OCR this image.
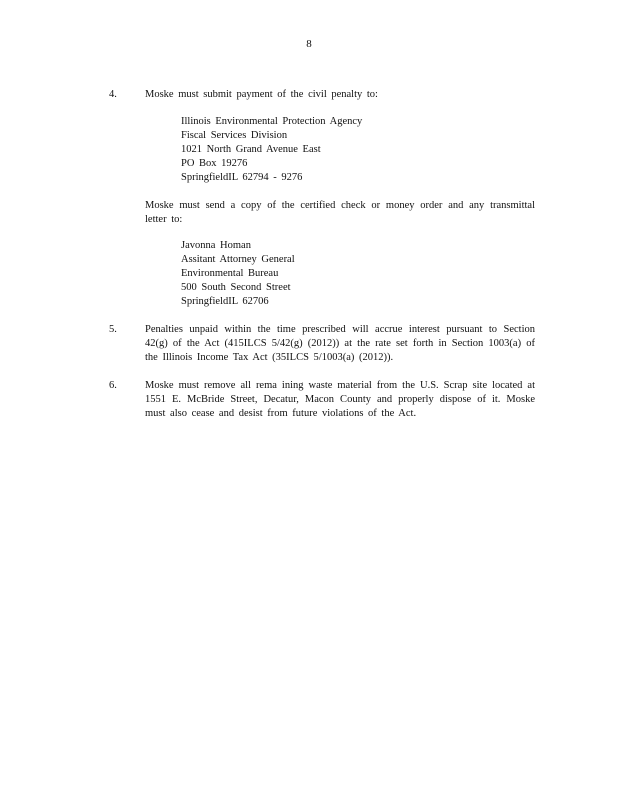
8
4.	Moske must submit payment of the civil penalty to:
Illinois Environmental Protection Agency
Fiscal Services Division
1021 North Grand Avenue East
PO Box 19276
SpringfieldIL 62794 - 9276
Moske must send a copy of the certified check or money order and any transmittal letter to:
Javonna Homan
Assitant Attorney General
Environmental Bureau
500 South Second Street
SpringfieldIL 62706
5.	Penalties unpaid within the time prescribed will accrue interest pursuant to Section 42(g) of the Act (415ILCS 5/42(g) (2012)) at the rate set forth in Section 1003(a) of the Illinois Income Tax Act (35ILCS 5/1003(a) (2012)).
6.	Moske must remove all rema ining waste material from the U.S. Scrap site located at 1551 E. McBride Street, Decatur, Macon County and properly dispose of it. Moske must also cease and desist from future violations of the Act.
